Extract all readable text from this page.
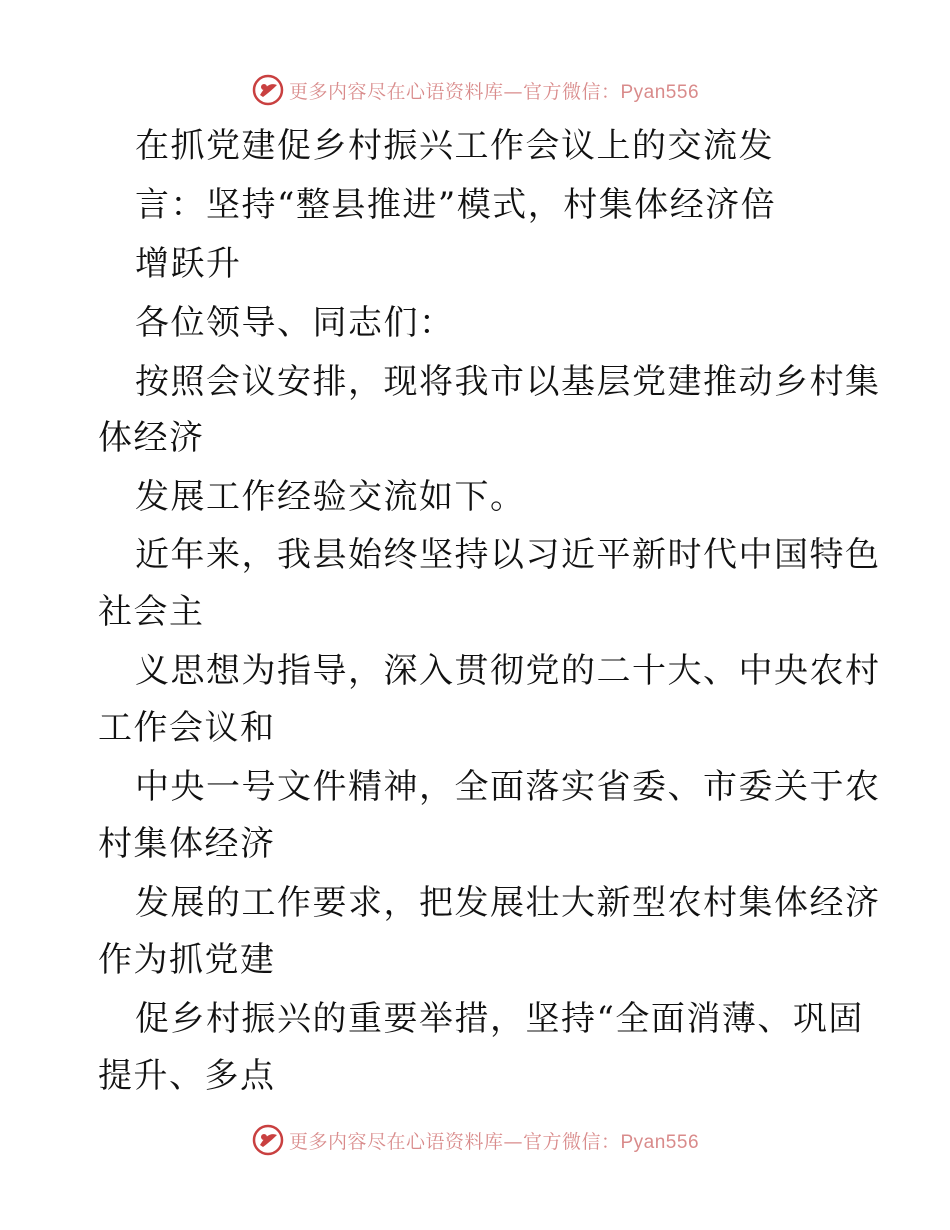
更多内容尽在心语资料库—官方微信：Pyan556
在抓党建促乡村振兴工作会议上的交流发
言：坚持“整县推进”模式，村集体经济倍
增跃升
各位领导、同志们：
按照会议安排，现将我市以基层党建推动乡村集
体经济
发展工作经验交流如下。
近年来，我县始终坚持以习近平新时代中国特色
社会主
义思想为指导，深入贯彻党的二十大、中央农村
工作会议和
中央一号文件精神，全面落实省委、市委关于农
村集体经济
发展的工作要求，把发展壮大新型农村集体经济
作为抓党建
促乡村振兴的重要举措，坚持“全面消薄、巩固
提升、多点
更多内容尽在心语资料库—官方微信：Pyan556
